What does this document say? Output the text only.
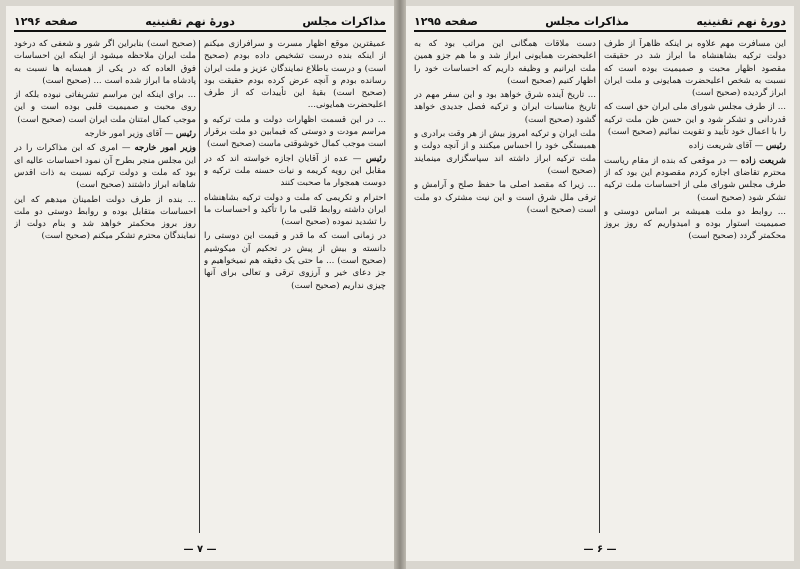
مذاکرات مجلس
دورهٔ نهم تقنینیه
صفحه ۱۲۹۶

عمیقترین موقع اظهار مسرت و سرافرازی میکنم از اینکه بنده درست تشخیص داده بودم (صحیح است) و درست باطلاع نمایندگان عزیز و ملت ایران رسانده بودم و آنچه عرض کرده بودم حقیقت بود (صحیح است) بقیهٔ این تأییدات که از طرف اعلیحضرت همایونی...

... در این قسمت اظهارات دولت و ملت ترکیه و مراسم مودت و دوستی که فیمابین دو ملت برقرار است موجب کمال خوشوقتی ماست (صحیح است)

رئیس — عده از آقایان اجازه خواسته اند که در مقابل این رویه کریمه و نیات حسنه ملت ترکیه و دوست همجوار ما صحبت کنند

احترام و تکریمی که ملت و دولت ترکیه بشاهنشاه ایران داشته روابط قلبی ما را تأکید و احساسات ما را تشدید نموده (صحیح است)

در زمانی است که ما قدر و قیمت این دوستی را دانسته و بیش از پیش در تحکیم آن میکوشیم (صحیح است) ... ما حتی یک دقیقه هم نمیخواهیم و جز دعای خیر و آرزوی ترقی و تعالی برای آنها چیزی نداریم (صحیح است)

(صحیح است) بنابراین اگر شور و شعفی که درخود ملت ایران ملاحظه میشود از اینکه این احساسات فوق العاده که در یکی از همسایه ها نسبت به پادشاه ما ابراز شده است ... (صحیح است)

... برای اینکه این مراسم تشریفاتی نبوده بلکه از روی محبت و صمیمیت قلبی بوده است و این موجب کمال امتنان ملت ایران است (صحیح است)

رئیس — آقای وزیر امور خارجه

وزیر امور خارجه — امری که این مذاکرات را در این مجلس منجر بطرح آن نمود احساسات عالیه ای بود که ملت و دولت ترکیه نسبت به ذات اقدس شاهانه ابراز داشتند (صحیح است)

... بنده از طرف دولت اطمینان میدهم که این احساسات متقابل بوده و روابط دوستی دو ملت روز بروز محکمتر خواهد شد و بنام دولت از نمایندگان محترم تشکر میکنم (صحیح است)

— ۷ —
دورهٔ نهم تقنینیه
مذاکرات مجلس
صفحه ۱۲۹۵

این مسافرت مهم علاوه بر اینکه ظاهراً از طرف دولت ترکیه بشاهنشاه ما ابراز شد در حقیقت مقصود اظهار محبت و صمیمیت بوده است که نسبت به شخص اعلیحضرت همایونی و ملت ایران ابراز گردیده (صحیح است)

... از طرف مجلس شورای ملی ایران حق است که قدردانی و تشکر شود و این حسن ظن ملت ترکیه را با اعمال خود تأیید و تقویت نمائیم (صحیح است)

رئیس — آقای شریعت زاده

شریعت زاده — در موقعی که بنده از مقام ریاست محترم تقاضای اجازه کردم مقصودم این بود که از طرف مجلس شورای ملی از احساسات ملت ترکیه تشکر شود (صحیح است)

... روابط دو ملت همیشه بر اساس دوستی و صمیمیت استوار بوده و امیدواریم که روز بروز محکمتر گردد (صحیح است)

دست ملاقات همگانی این مراتب بود که به اعلیحضرت همایونی ابراز شد و ما هم جزو همین ملت ایرانیم و وظیفه داریم که احساسات خود را اظهار کنیم (صحیح است)

... تاریخ آینده شرق خواهد بود و این سفر مهم در تاریخ مناسبات ایران و ترکیه فصل جدیدی خواهد گشود (صحیح است)

ملت ایران و ترکیه امروز بیش از هر وقت برادری و همبستگی خود را احساس میکنند و از آنچه دولت و ملت ترکیه ابراز داشته اند سپاسگزاری مینمایند (صحیح است)

... زیرا که مقصد اصلی ما حفظ صلح و آرامش و ترقی ملل شرق است و این نیت مشترک دو ملت است (صحیح است)

— ۶ —
